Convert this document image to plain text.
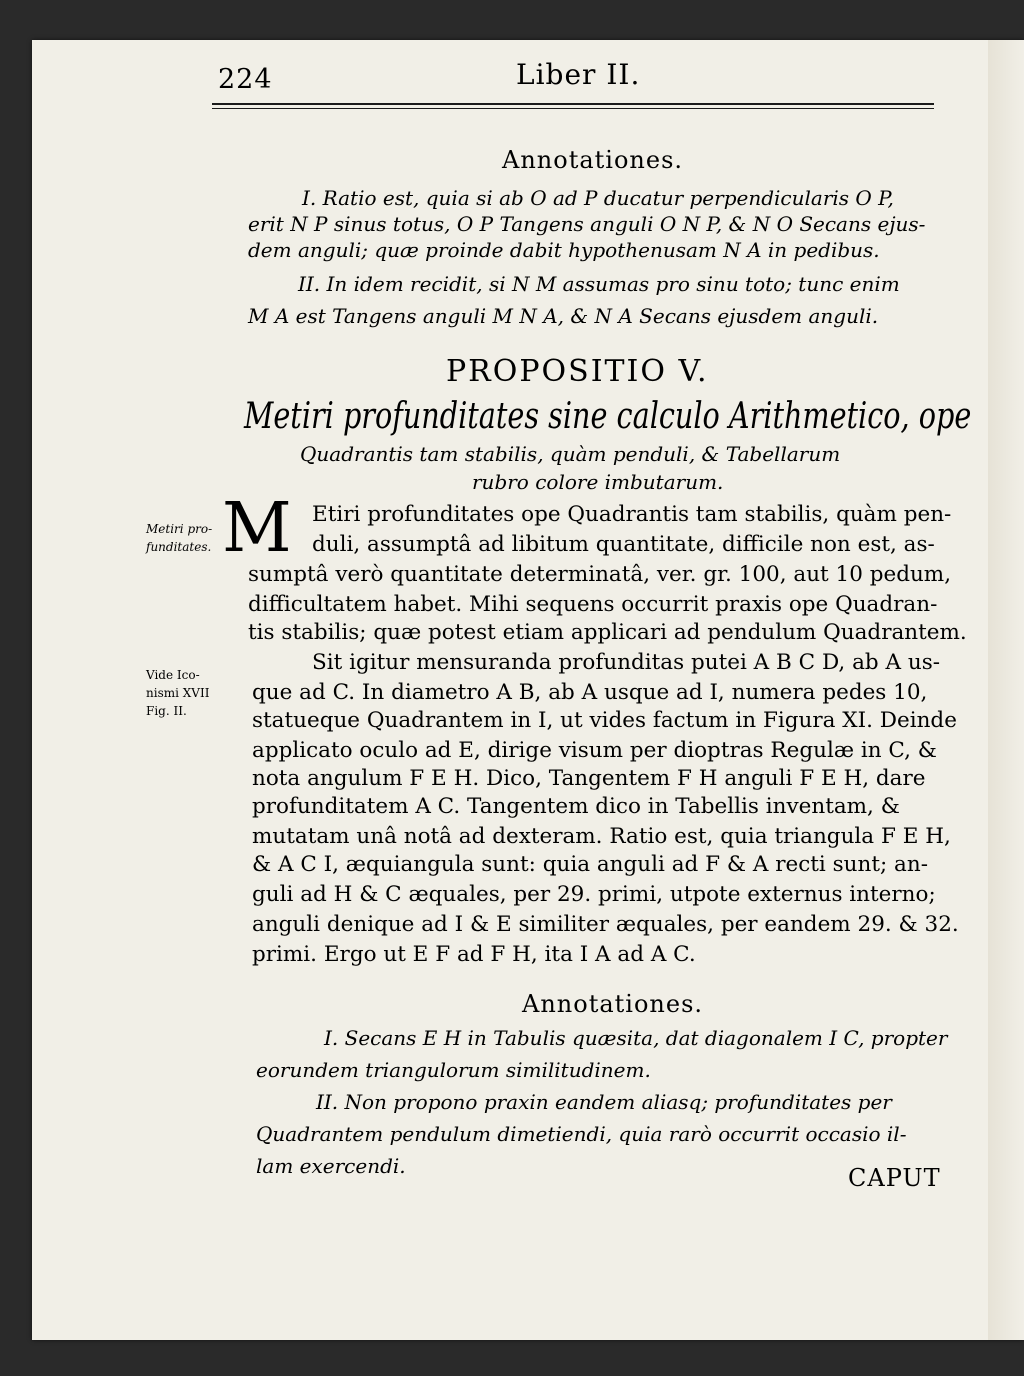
224	Liber II.
Annotationes.
I. Ratio est, quia si ab O ad P ducatur perpendicularis O P,
erit N P sinus totus, O P Tangens anguli O N P, & N O Secans ejus-
dem anguli; quæ proinde dabit hypothenusam N A in pedibus.
II. In idem recidit, si N M assumas pro sinu toto; tunc enim
M A est Tangens anguli M N A, & N A Secans ejusdem anguli.
PROPOSITIO V.
Metiri profunditates sine calculo Arithmetico, ope
Quadrantis tam stabilis, quàm penduli, & Tabellarum
rubro colore imbutarum.
Metiri pro-
funditates.
Vide Ico-
nismi XVII
Fig. II.
M Etiri profunditates ope Quadrantis tam stabilis, quàm pen-
duli, assumptâ ad libitum quantitate, difficile non est, as-
sumptâ verò quantitate determinatâ, ver. gr. 100, aut 10 pedum,
difficultatem habet. Mihi sequens occurrit praxis ope Quadran-
tis stabilis; quæ potest etiam applicari ad pendulum Quadrantem.
Sit igitur mensuranda profunditas putei A B C D, ab A us-
que ad C. In diametro A B, ab A usque ad I, numera pedes 10,
statueque Quadrantem in I, ut vides factum in Figura XI. Deinde
applicato oculo ad E, dirige visum per dioptras Regulæ in C, &
nota angulum F E H. Dico, Tangentem F H anguli F E H, dare
profunditatem A C. Tangentem dico in Tabellis inventam, &
mutatam unâ notâ ad dexteram. Ratio est, quia triangula F E H,
& A C I, æquiangula sunt: quia anguli ad F & A recti sunt; an-
guli ad H & C æquales, per 29. primi, utpote externus interno;
anguli denique ad I & E similiter æquales, per eandem 29. & 32.
primi. Ergo ut E F ad F H, ita I A ad A C.
Annotationes.
I. Secans E H in Tabulis quæsita, dat diagonalem I C, propter
eorundem triangulorum similitudinem.
II. Non propono praxin eandem aliasq; profunditates per
Quadrantem pendulum dimetiendi, quia rarò occurrit occasio il-
lam exercendi.	CAPUT
